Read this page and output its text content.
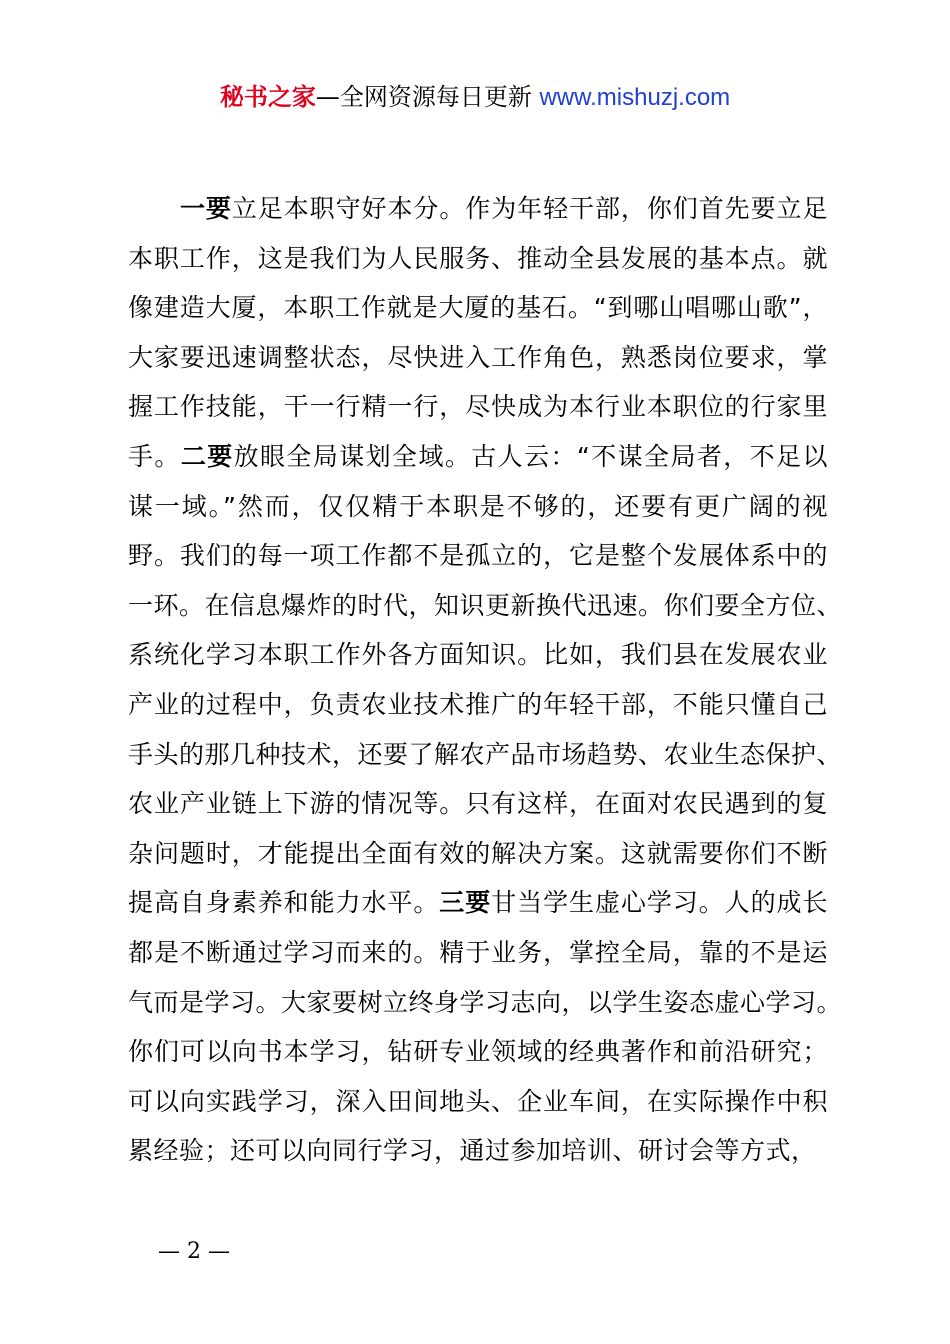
秘书之家—全网资源每日更新 www.mishuzj.com
一要立足本职守好本分。作为年轻干部，你们首先要立足
本职工作，这是我们为人民服务、推动全县发展的基本点。就
像建造大厦，本职工作就是大厦的基石。“到哪山唱哪山歌”，
大家要迅速调整状态，尽快进入工作角色，熟悉岗位要求，掌
握工作技能，干一行精一行，尽快成为本行业本职位的行家里
手。二要放眼全局谋划全域。古人云：“不谋全局者，不足以
谋一域。”然而，仅仅精于本职是不够的，还要有更广阔的视
野。我们的每一项工作都不是孤立的，它是整个发展体系中的
一环。在信息爆炸的时代，知识更新换代迅速。你们要全方位、
系统化学习本职工作外各方面知识。比如，我们县在发展农业
产业的过程中，负责农业技术推广的年轻干部，不能只懂自己
手头的那几种技术，还要了解农产品市场趋势、农业生态保护、
农业产业链上下游的情况等。只有这样，在面对农民遇到的复
杂问题时，才能提出全面有效的解决方案。这就需要你们不断
提高自身素养和能力水平。三要甘当学生虚心学习。人的成长
都是不断通过学习而来的。精于业务，掌控全局，靠的不是运
气而是学习。大家要树立终身学习志向，以学生姿态虚心学习。
你们可以向书本学习，钻研专业领域的经典著作和前沿研究；
可以向实践学习，深入田间地头、企业车间，在实际操作中积
累经验；还可以向同行学习，通过参加培训、研讨会等方式，
— 2 —
